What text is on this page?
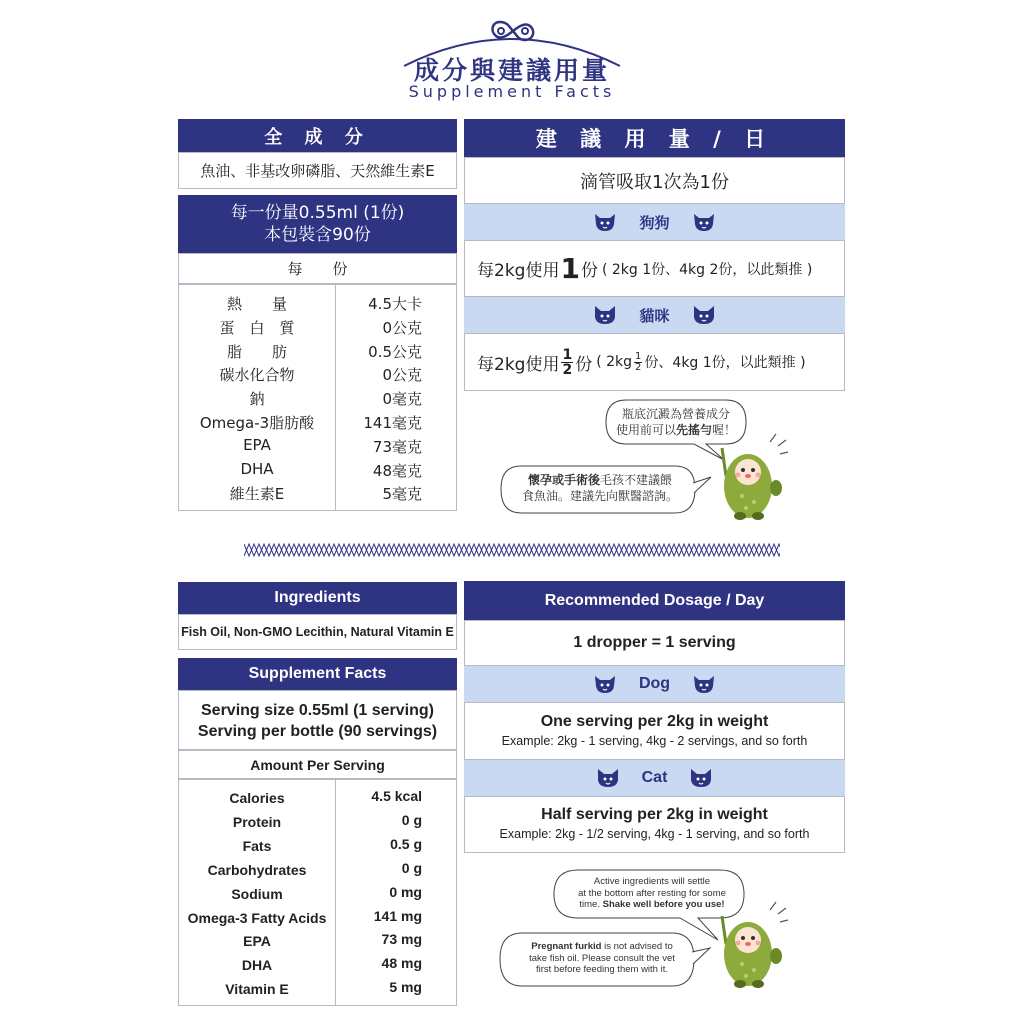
成分與建議用量
Supplement Facts
全 成 分
魚油、非基改卵磷脂、天然維生素E
每一份量0.55ml (1份)
本包裝含90份
每　　份
熱　　量	4.5大卡
蛋　白　質	0公克
脂　　肪	0.5公克
碳水化合物	0公克
鈉	0毫克
Omega-3脂肪酸	141毫克
EPA	73毫克
DHA	48毫克
維生素E	5毫克
建 議 用 量 / 日
滴管吸取1次為1份
狗狗
每2kg使用 1 份 ( 2kg 1份、4kg 2份，以此類推 )
貓咪
每2kg使用 $\frac{1}{2}$ 份 ( $2kg \frac{1}{2}$ 份、4kg 1份，以此類推 )
瓶底沉澱為營養成分
使用前可以先搖勻喔！
懷孕或手術後毛孩不建議餵
食魚油。建議先向獸醫諮詢。
Ingredients
Fish Oil, Non-GMO Lecithin, Natural Vitamin E
Supplement Facts
Serving size 0.55ml (1 serving)
Serving per bottle (90 servings)
Amount Per Serving
Calories	4.5 kcal
Protein	0 g
Fats	0.5 g
Carbohydrates	0 g
Sodium	0 mg
Omega-3 Fatty Acids	141 mg
EPA	73 mg
DHA	48 mg
Vitamin E	5 mg
Recommended Dosage / Day
1 dropper = 1 serving
Dog
One serving per 2kg in weight
Example: 2kg - 1 serving, 4kg - 2 servings, and so forth
Cat
Half serving per 2kg in weight
Example: 2kg - 1/2 serving, 4kg - 1 serving, and so forth
Active ingredients will settle
at the bottom after resting for some
time. Shake well before you use!
Pregnant furkid is not advised to
take fish oil. Please consult the vet
first before feeding them with it.
